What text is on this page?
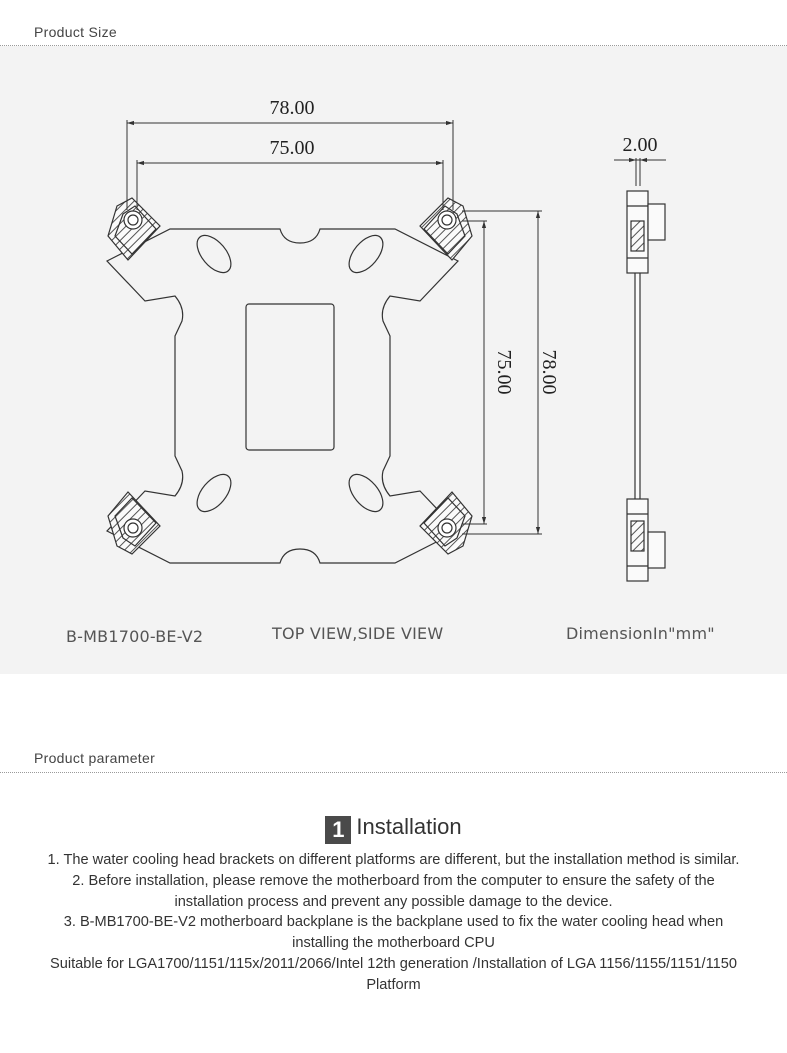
Product Size
78.00
75.00
75.00 78.00
2.00
B-MB1700-BE-V2	TOP VIEW,SIDE VIEW	DimensionIn"mm"
Product parameter
1 Installation

1. The water cooling head brackets on different platforms are different, but the installation method is similar.

2. Before installation, please remove the motherboard from the computer to ensure the safety of the installation process and prevent any possible damage to the device.

3. B-MB1700-BE-V2 motherboard backplane is the backplane used to fix the water cooling head when installing the motherboard CPU

Suitable for LGA1700/1151/115x/2011/2066/Intel 12th generation /Installation of LGA 1156/1155/1151/1150 Platform
